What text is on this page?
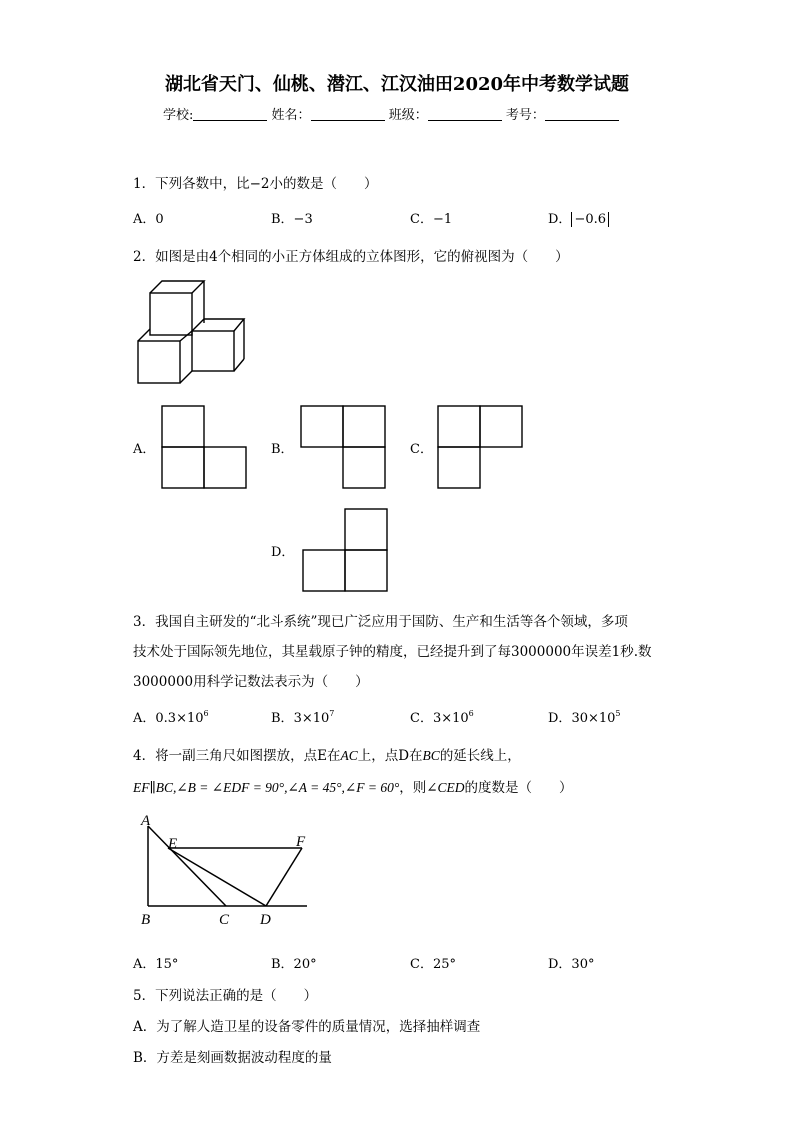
湖北省天门、仙桃、潜江、江汉油田2020年中考数学试题
学校:	姓名：	班级：	考号：
1．下列各数中，比−2小的数是（　　）
A．0	B．−3	C．−1	D． −0.6
2．如图是由4个相同的小正方体组成的立体图形，它的俯视图为（　　）
A．	B．	C．
D．
3．我国自主研发的“北斗系统”现已广泛应用于国防、生产和生活等各个领域，多项
技术处于国际领先地位，其星载原子钟的精度，已经提升到了每3000000年误差1秒.数
3000000用科学记数法表示为（　　）
A．$0.3\times 10^6$	B．$3\times 10^7$	C．$3\times 10^6$	D．$30\times 10^5$
4．将一副三角尺如图摆放，点E在AC上，点D在BC的延长线上，
EF∥BC,∠B = ∠EDF = 90°,∠A = 45°,∠F = 60°，则∠CED的度数是（　　）
A
E	F
B	C D
A．15°	B．20°	C．25°	D．30°
5．下列说法正确的是（　　）
A．为了解人造卫星的设备零件的质量情况，选择抽样调查
B．方差是刻画数据波动程度的量
